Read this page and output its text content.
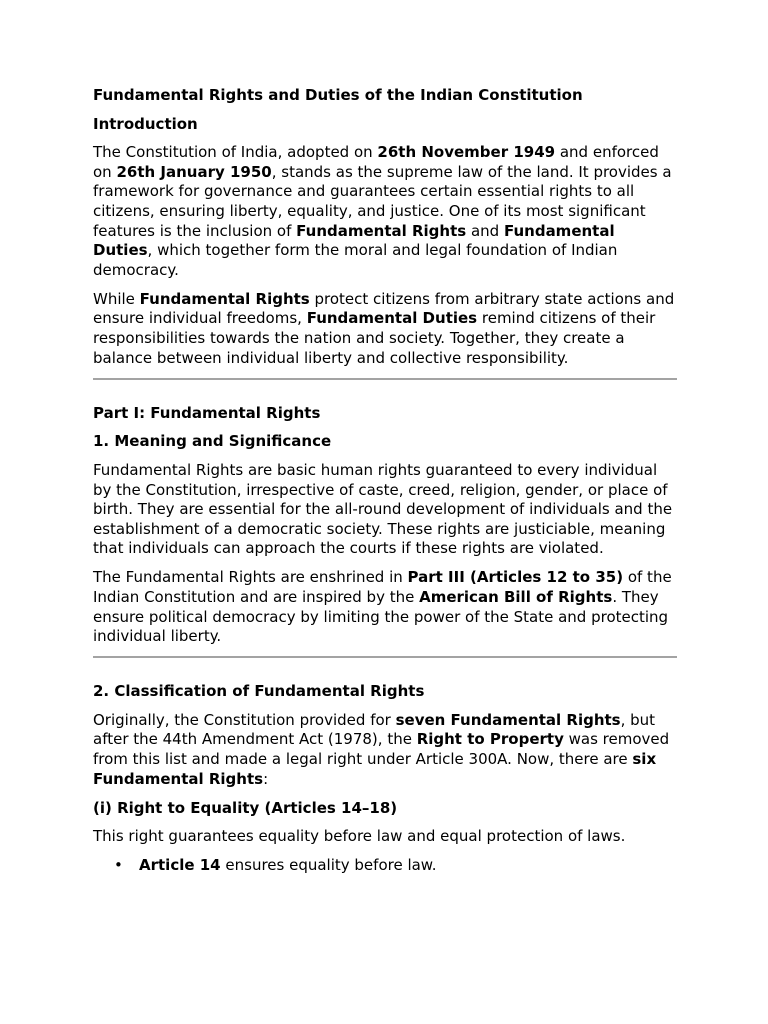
Fundamental Rights and Duties of the Indian Constitution
Introduction

The Constitution of India, adopted on 26th November 1949 and enforced on 26th January 1950, stands as the supreme law of the land. It provides a framework for governance and guarantees certain essential rights to all citizens, ensuring liberty, equality, and justice. One of its most significant features is the inclusion of Fundamental Rights and Fundamental Duties, which together form the moral and legal foundation of Indian democracy.

While Fundamental Rights protect citizens from arbitrary state actions and ensure individual freedoms, Fundamental Duties remind citizens of their responsibilities towards the nation and society. Together, they create a balance between individual liberty and collective responsibility.

Part I: Fundamental Rights
1. Meaning and Significance

Fundamental Rights are basic human rights guaranteed to every individual by the Constitution, irrespective of caste, creed, religion, gender, or place of birth. They are essential for the all-round development of individuals and the establishment of a democratic society. These rights are justiciable, meaning that individuals can approach the courts if these rights are violated.

The Fundamental Rights are enshrined in Part III (Articles 12 to 35) of the Indian Constitution and are inspired by the American Bill of Rights. They ensure political democracy by limiting the power of the State and protecting individual liberty.

2. Classification of Fundamental Rights

Originally, the Constitution provided for seven Fundamental Rights, but after the 44th Amendment Act (1978), the Right to Property was removed from this list and made a legal right under Article 300A. Now, there are six Fundamental Rights:

(i) Right to Equality (Articles 14–18)

This right guarantees equality before law and equal protection of laws.

• Article 14 ensures equality before law.
